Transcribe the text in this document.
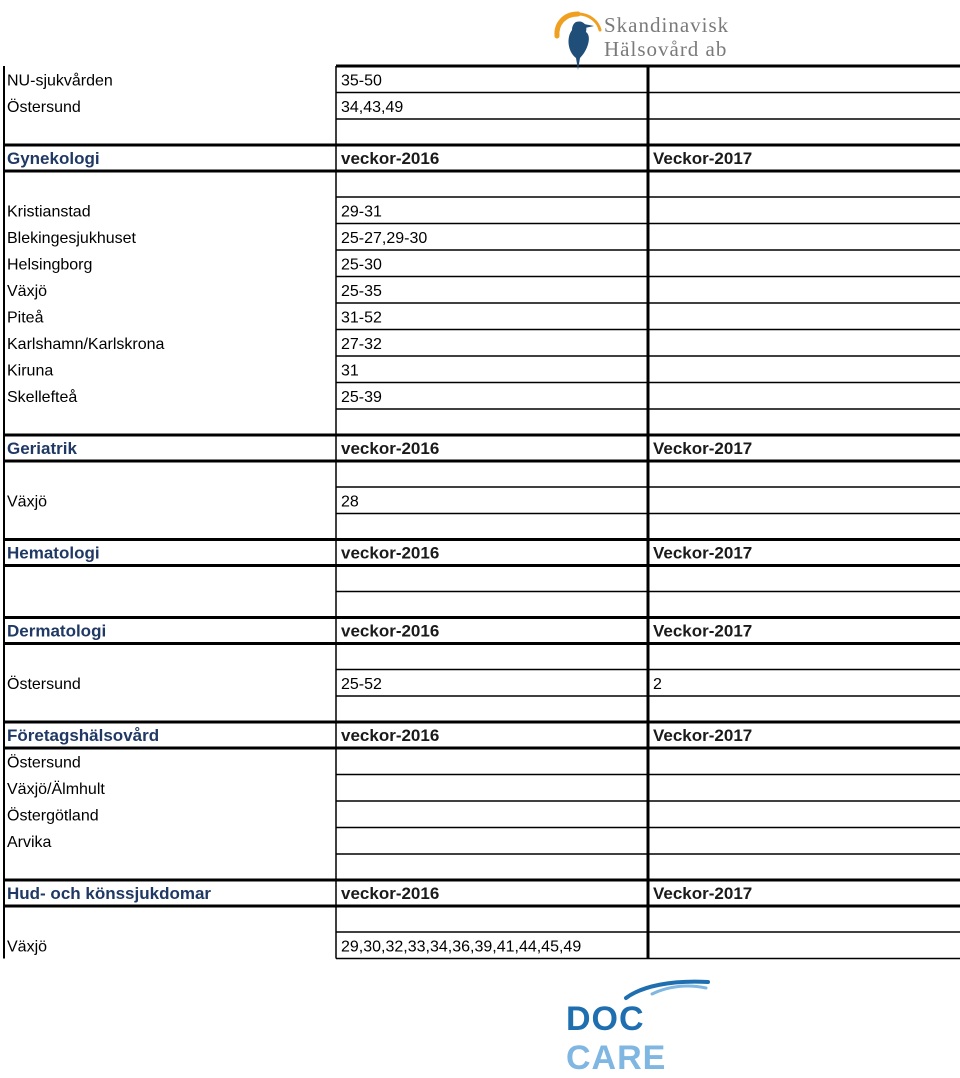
NU-sjukvården	35-50
Östersund	34,43,49
Gynekologi	veckor-2016	Veckor-2017
Kristianstad	29-31
Blekingesjukhuset	25-27,29-30
Helsingborg	25-30
Växjö	25-35
Piteå	31-52
Karlshamn/Karlskrona	27-32
Kiruna	31
Skellefteå	25-39
Geriatrik	veckor-2016	Veckor-2017
Växjö	28
Hematologi	veckor-2016	Veckor-2017
Dermatologi	veckor-2016	Veckor-2017
Östersund	25-52	2
Företagshälsovård	veckor-2016	Veckor-2017
Östersund
Växjö/Älmhult
Östergötland
Arvika
Hud- och könssjukdomar	veckor-2016	Veckor-2017
Växjö	29,30,32,33,34,36,39,41,44,45,49
Skandinavisk
Hälsovård ab
DOC CARE
